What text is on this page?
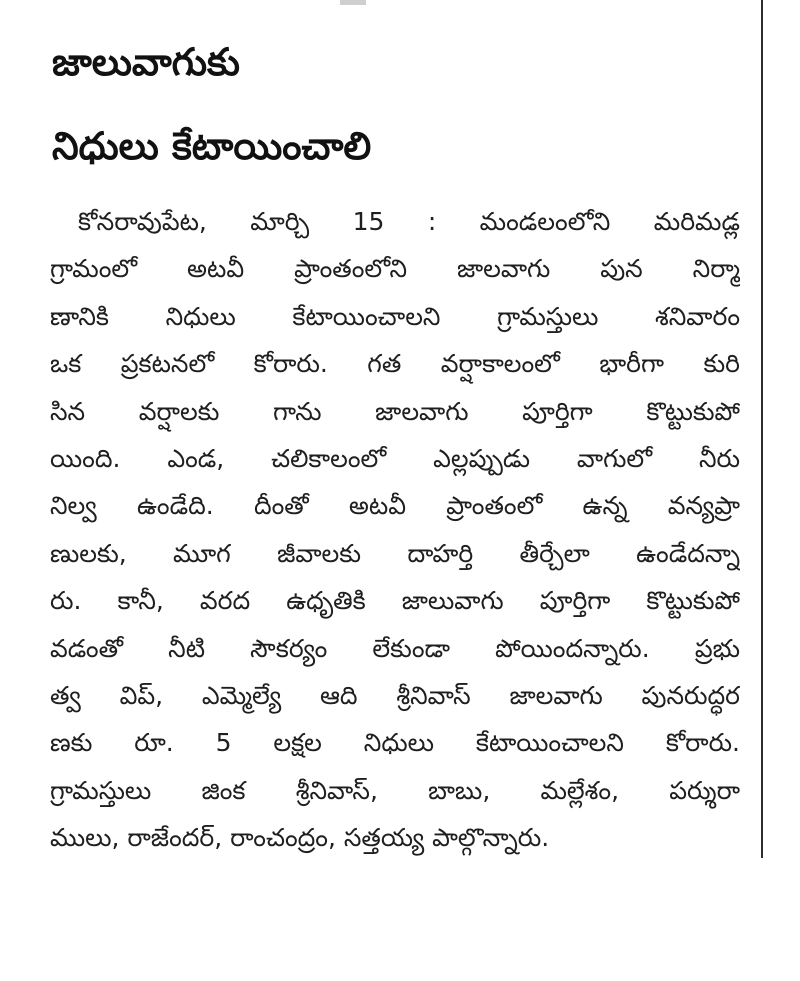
జాలువాగుకు
నిధులు కేటాయించాలి
కోనరావుపేట, మార్చి 15 : మండలంలోని మరిమడ్ల
గ్రామంలో అటవీ ప్రాంతంలోని జాలవాగు పున నిర్మా
ణానికి నిధులు కేటాయించాలని గ్రామస్తులు శనివారం
ఒక ప్రకటనలో కోరారు. గత వర్షాకాలంలో భారీగా కురి
సిన వర్షాలకు గాను జాలవాగు పూర్తిగా కొట్టుకుపో
యింది. ఎండ, చలికాలంలో ఎల్లప్పుడు వాగులో నీరు
నిల్వ ఉండేది. దీంతో అటవీ ప్రాంతంలో ఉన్న వన్యప్రా
ణులకు, మూగ జీవాలకు దాహర్తి తీర్చేలా ఉండేదన్నా
రు. కానీ, వరద ఉధృతికి జాలువాగు పూర్తిగా కొట్టుకుపో
వడంతో నీటి సౌకర్యం లేకుండా పోయిందన్నారు. ప్రభు
త్వ విప్, ఎమ్మెల్యే ఆది శ్రీనివాస్ జాలవాగు పునరుద్ధర
ణకు రూ. 5 లక్షల నిధులు కేటాయించాలని కోరారు.
గ్రామస్తులు జింక శ్రీనివాస్, బాబు, మల్లేశం, పర్శురా
ములు, రాజేందర్, రాంచంద్రం, సత్తయ్య పాల్గొన్నారు.
